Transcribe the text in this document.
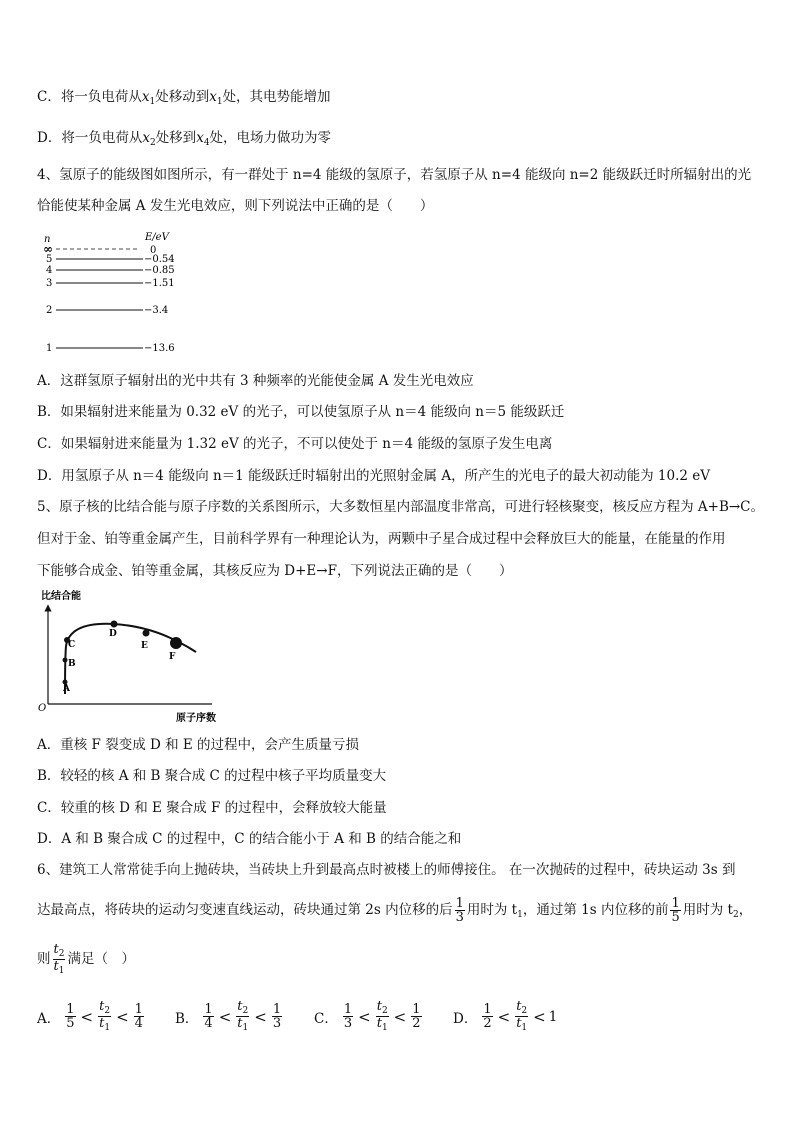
C．将一负电荷从$x_1$处移动到$x_1$处，其电势能增加
D．将一负电荷从$x_2$处移到$x_4$处，电场力做功为零
4、氢原子的能级图如图所示，有一群处于 n=4 能级的氢原子，若氢原子从 n=4 能级向 n=2 能级跃迁时所辐射出的光
恰能使某种金属 A 发生光电效应，则下列说法中正确的是（　　）
n	E/eV
∞	0
5	−0.54
4	−0.85
3	−1.51
2	−3.4
1	−13.6
A．这群氢原子辐射出的光中共有 3 种频率的光能使金属 A 发生光电效应
B．如果辐射进来能量为 0.32 eV 的光子，可以使氢原子从 n＝4 能级向 n＝5 能级跃迁
C．如果辐射进来能量为 1.32 eV 的光子，不可以使处于 n＝4 能级的氢原子发生电离
D．用氢原子从 n＝4 能级向 n＝1 能级跃迁时辐射出的光照射金属 A，所产生的光电子的最大初动能为 10.2 eV
5、原子核的比结合能与原子序数的关系图所示，大多数恒星内部温度非常高，可进行轻核聚变，核反应方程为 A+B→C。
但对于金、铂等重金属产生，目前科学界有一种理论认为，两颗中子星合成过程中会释放巨大的能量，在能量的作用
下能够合成金、铂等重金属，其核反应为 D+E→F，下列说法正确的是（　　）
比结合能
O
原子序数
A
B
C
D
E
F
A．重核 F 裂变成 D 和 E 的过程中，会产生质量亏损
B．较轻的核 A 和 B 聚合成 C 的过程中核子平均质量变大
C．较重的核 D 和 E 聚合成 F 的过程中，会释放较大能量
D．A 和 B 聚合成 C 的过程中，C 的结合能小于 A 和 B 的结合能之和
6、建筑工人常常徒手向上抛砖块，当砖块上升到最高点时被楼上的师傅接住。 在一次抛砖的过程中，砖块运动 3s 到
达最高点，将砖块的运动匀变速直线运动，砖块通过第 2s 内位移的后 $\frac{1}{3}$ 用时为 $t_1$，通过第 1s 内位移的前 $\frac{1}{5}$ 用时为 $t_2$，
则 $\frac{t_2}{t_1}$ 满足（　）
A． $\frac{1}{5} < \frac{t_2}{t_1} < \frac{1}{4}$ B． $\frac{1}{4} < \frac{t_2}{t_1} < \frac{1}{3}$ C． $\frac{1}{3} < \frac{t_2}{t_1} < \frac{1}{2}$ D． $\frac{1}{2} < \frac{t_2}{t_1} < 1$
